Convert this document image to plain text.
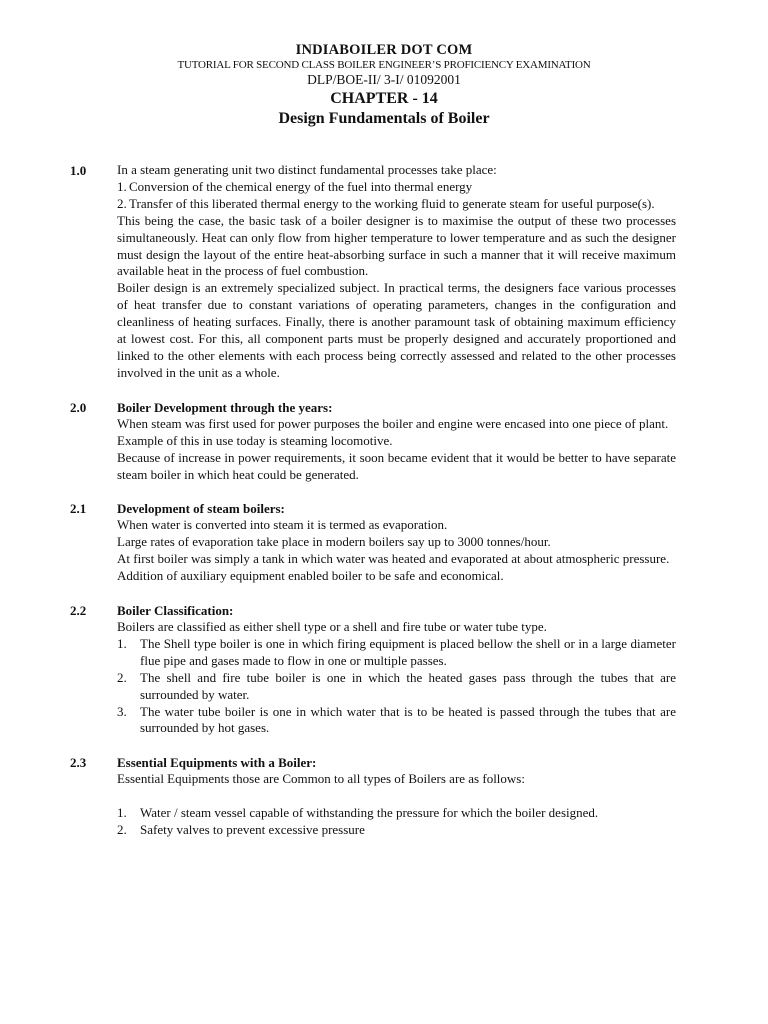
INDIABOILER DOT COM
TUTORIAL FOR SECOND CLASS BOILER ENGINEER’S PROFICIENCY EXAMINATION
DLP/BOE-II/ 3-I/ 01092001
CHAPTER - 14
Design Fundamentals of Boiler
1.0 In a steam generating unit two distinct fundamental processes take place:
1. Conversion of the chemical energy of the fuel into thermal energy
2. Transfer of this liberated thermal energy to the working fluid to generate steam for useful purpose(s).
This being the case, the basic task of a boiler designer is to maximise the output of these two processes simultaneously. Heat can only flow from higher temperature to lower temperature and as such the designer must design the layout of the entire heat-absorbing surface in such a manner that it will receive maximum available heat in the process of fuel combustion.
Boiler design is an extremely specialized subject. In practical terms, the designers face various processes of heat transfer due to constant variations of operating parameters, changes in the configuration and cleanliness of heating surfaces. Finally, there is another paramount task of obtaining maximum efficiency at lowest cost. For this, all component parts must be properly designed and accurately proportioned and linked to the other elements with each process being correctly assessed and related to the other processes involved in the unit as a whole.
2.0 Boiler Development through the years:
When steam was first used for power purposes the boiler and engine were encased into one piece of plant.
Example of this in use today is steaming locomotive.
Because of increase in power requirements, it soon became evident that it would be better to have separate steam boiler in which heat could be generated.
2.1 Development of steam boilers:
When water is converted into steam it is termed as evaporation.
Large rates of evaporation take place in modern boilers say up to 3000 tonnes/hour.
At first boiler was simply a tank in which water was heated and evaporated at about atmospheric pressure.
Addition of auxiliary equipment enabled boiler to be safe and economical.
2.2 Boiler Classification:
Boilers are classified as either shell type or a shell and fire tube or water tube type.
1. The Shell type boiler is one in which firing equipment is placed bellow the shell or in a large diameter flue pipe and gases made to flow in one or multiple passes.
2. The shell and fire tube boiler is one in which the heated gases pass through the tubes that are surrounded by water.
3. The water tube boiler is one in which water that is to be heated is passed through the tubes that are surrounded by hot gases.
2.3 Essential Equipments with a Boiler:
Essential Equipments those are Common to all types of Boilers are as follows:
1. Water / steam vessel capable of withstanding the pressure for which the boiler designed.
2. Safety valves to prevent excessive pressure
